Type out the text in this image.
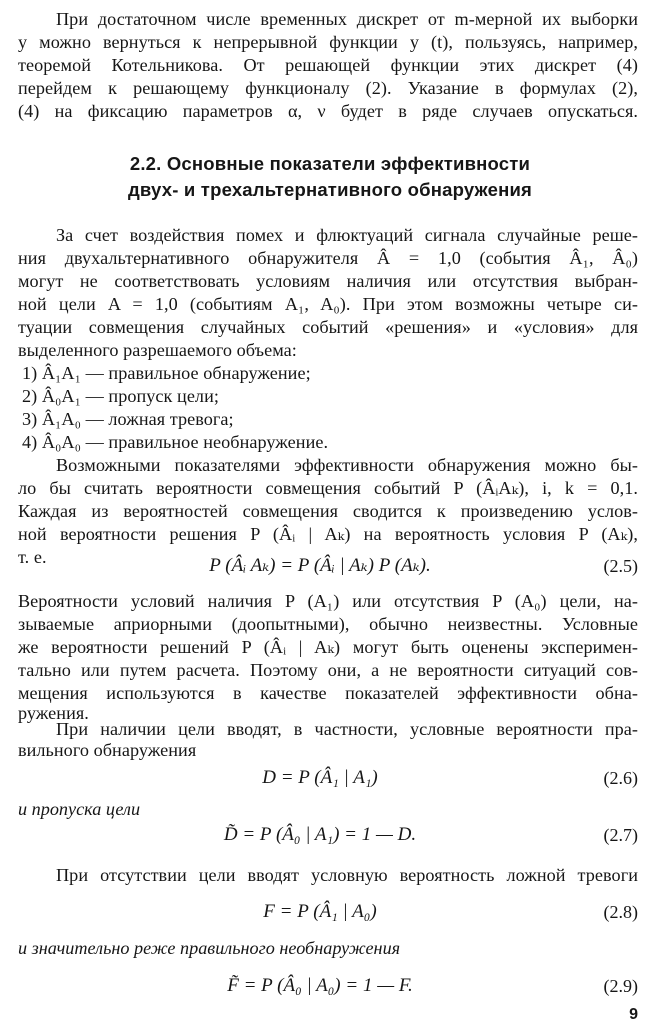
При достаточном числе временных дискрет от m-мерной их выборки
y можно вернуться к непрерывной функции y (t), пользуясь, например,
теоремой Котельникова. От решающей функции этих дискрет (4)
перейдем к решающему функционалу (2). Указание в формулах (2),
(4) на фиксацию параметров α, ν будет в ряде случаев опускаться.
2.2. Основные показатели эффективности
двух- и трехальтернативного обнаружения
За счет воздействия помех и флюктуаций сигнала случайные реше-
ния двухальтернативного обнаружителя Â = 1,0 (события Â₁, Â₀)
могут не соответствовать условиям наличия или отсутствия выбран-
ной цели A = 1,0 (событиям A₁, A₀). При этом возможны четыре си-
туации совмещения случайных событий «решения» и «условия» для
выделенного разрешаемого объема:
1) Â₁A₁ — правильное обнаружение;
2) Â₀A₁ — пропуск цели;
3) Â₁A₀ — ложная тревога;
4) Â₀A₀ — правильное необнаружение.
Возможными показателями эффективности обнаружения можно бы-
ло бы считать вероятности совмещения событий P (ÂᵢAₖ), i, k = 0,1.
Каждая из вероятностей совмещения сводится к произведению услов-
ной вероятности решения P (Âᵢ | Aₖ) на вероятность условия P (Aₖ),
т. е.	P (Âᵢ Aₖ) = P (Âᵢ | Aₖ) P (Aₖ).	(2.5)
Вероятности условий наличия P (A₁) или отсутствия P (A₀) цели, на-
зываемые априорными (доопытными), обычно неизвестны. Условные
же вероятности решений P (Âᵢ | Aₖ) могут быть оценены эксперимен-
тально или путем расчета. Поэтому они, а не вероятности ситуаций сов-
мещения используются в качестве показателей эффективности обна-
ружения.
При наличии цели вводят, в частности, условные вероятности пра-
вильного обнаружения
D = P (Â₁ | A₁)	(2.6)
и пропуска цели
D̃ = P (Â₀ | A₁) = 1 — D.	(2.7)
При отсутствии цели вводят условную вероятность ложной тревоги
F = P (Â₁ | A₀)	(2.8)
и значительно реже правильного необнаружения
F̃ = P (Â₀ | A₀) = 1 — F.	(2.9)
9
